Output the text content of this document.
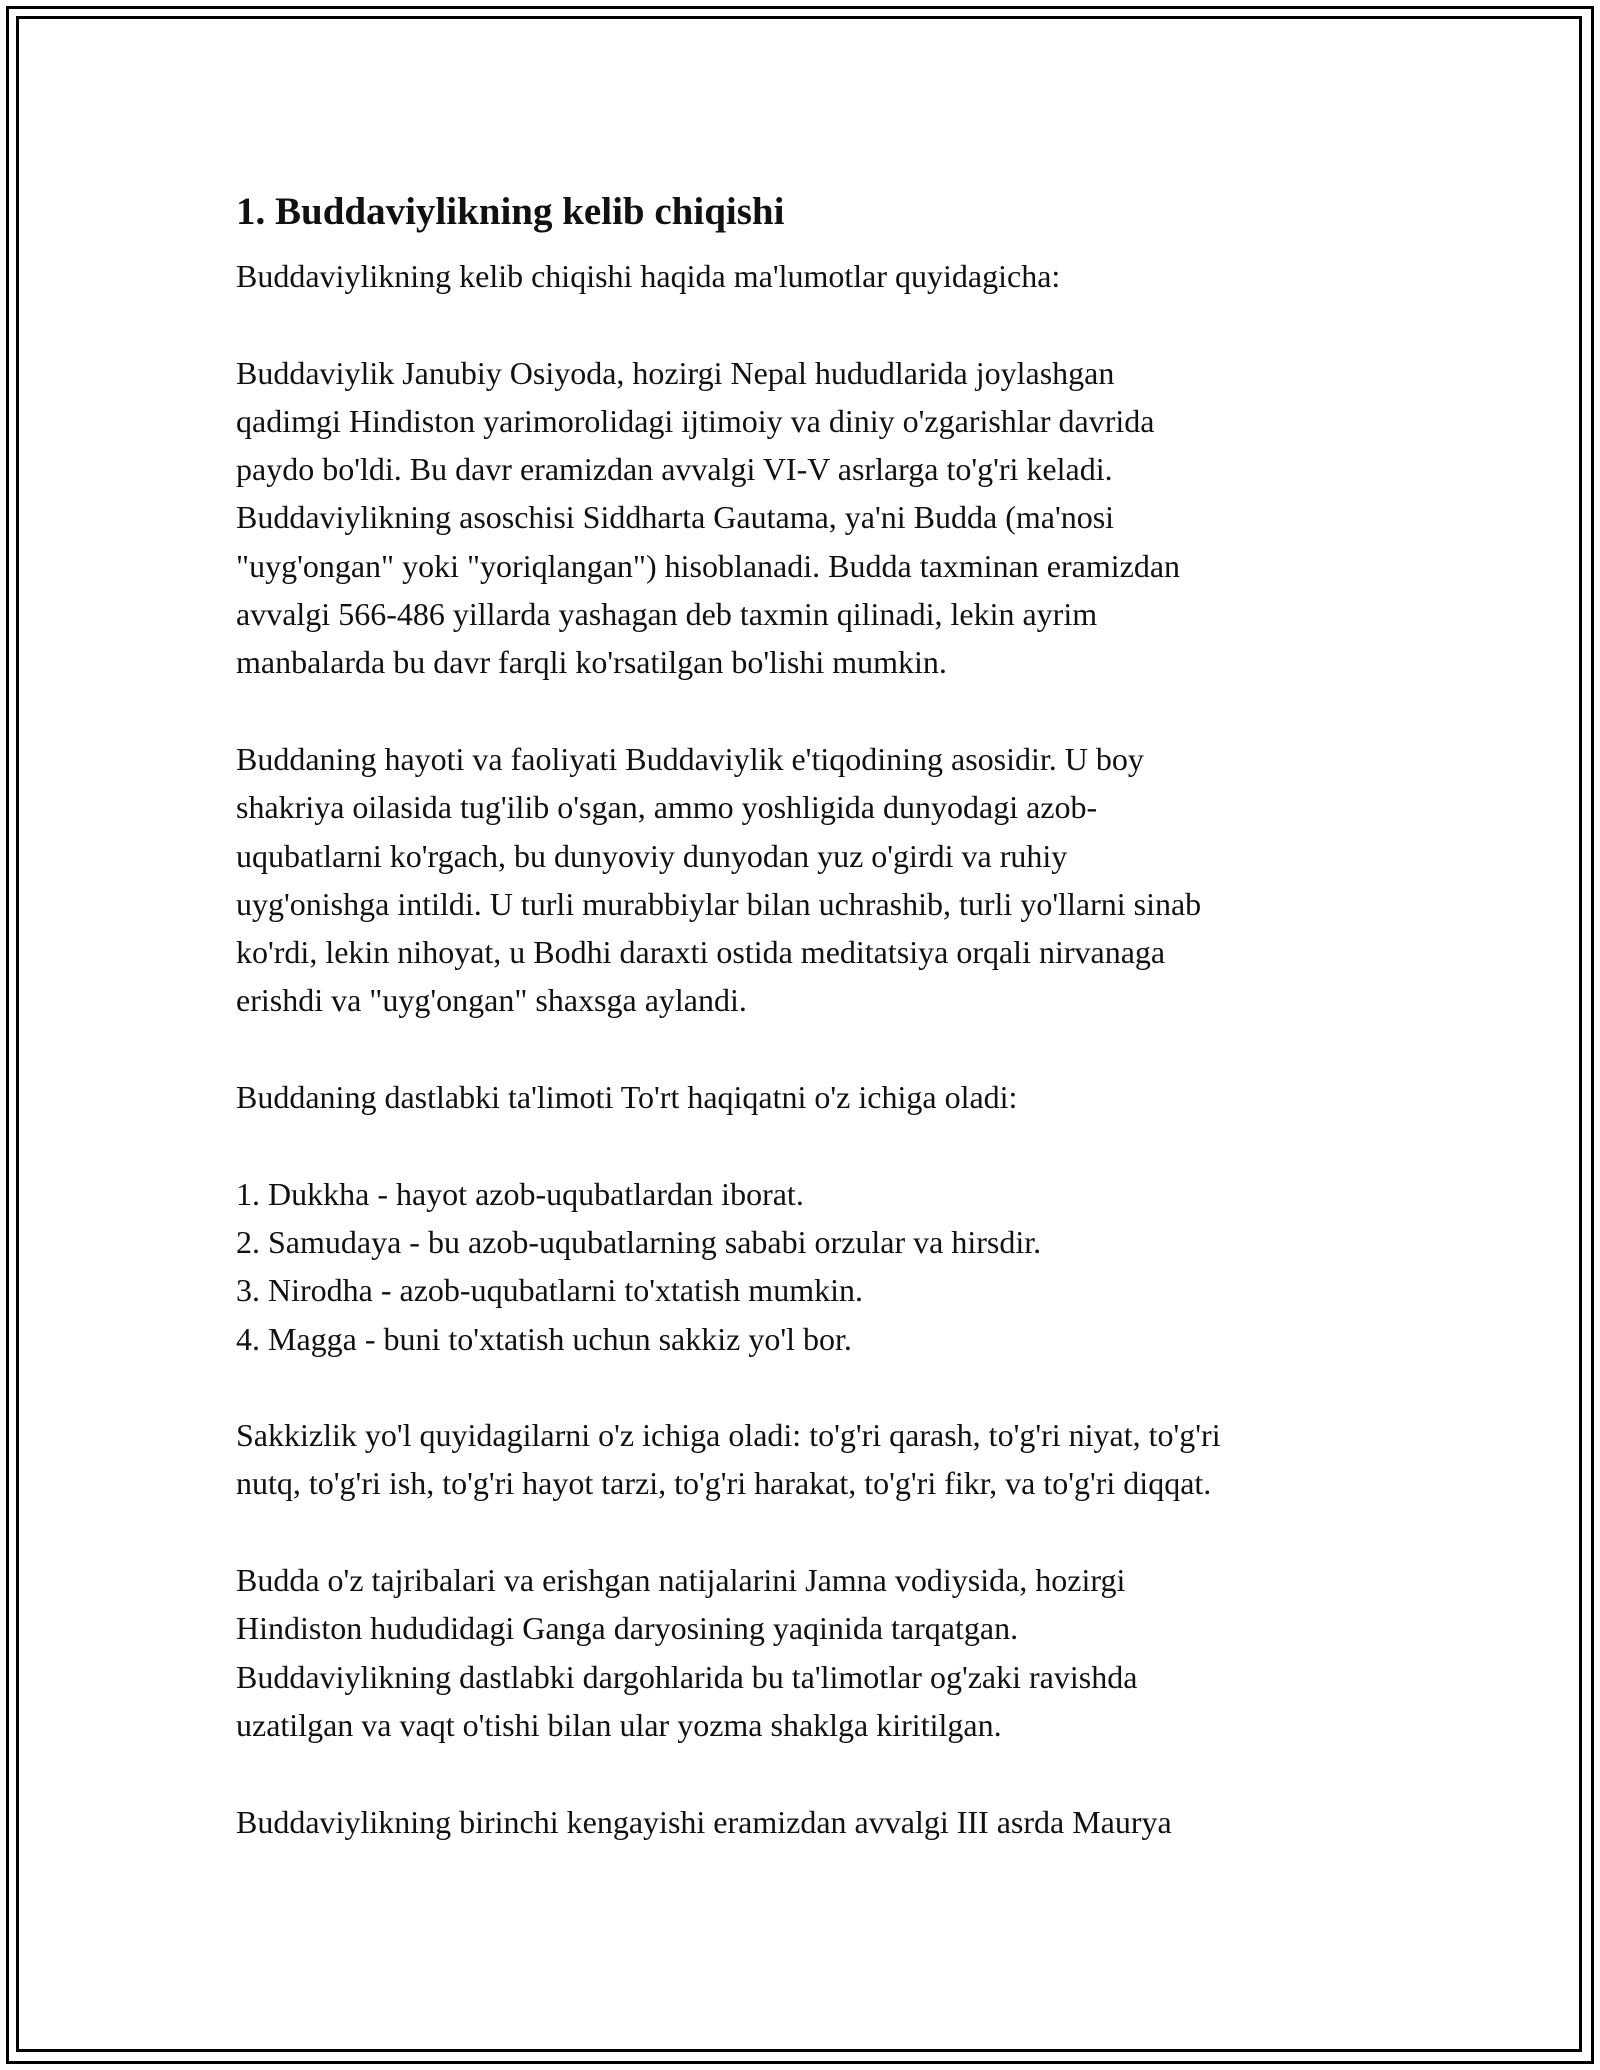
1. Buddaviylikning kelib chiqishi

Buddaviylikning kelib chiqishi haqida ma'lumotlar quyidagicha:

Buddaviylik Janubiy Osiyoda, hozirgi Nepal hududlarida joylashgan
qadimgi Hindiston yarimorolidagi ijtimoiy va diniy o'zgarishlar davrida
paydo bo'ldi. Bu davr eramizdan avvalgi VI-V asrlarga to'g'ri keladi.
Buddaviylikning asoschisi Siddharta Gautama, ya'ni Budda (ma'nosi
"uyg'ongan" yoki "yoriqlangan") hisoblanadi. Budda taxminan eramizdan
avvalgi 566-486 yillarda yashagan deb taxmin qilinadi, lekin ayrim
manbalarda bu davr farqli ko'rsatilgan bo'lishi mumkin.

Buddaning hayoti va faoliyati Buddaviylik e'tiqodining asosidir. U boy
shakriya oilasida tug'ilib o'sgan, ammo yoshligida dunyodagi azob-
uqubatlarni ko'rgach, bu dunyoviy dunyodan yuz o'girdi va ruhiy
uyg'onishga intildi. U turli murabbiylar bilan uchrashib, turli yo'llarni sinab
ko'rdi, lekin nihoyat, u Bodhi daraxti ostida meditatsiya orqali nirvanaga
erishdi va "uyg'ongan" shaxsga aylandi.

Buddaning dastlabki ta'limoti To'rt haqiqatni o'z ichiga oladi:

1. Dukkha - hayot azob-uqubatlardan iborat.
2. Samudaya - bu azob-uqubatlarning sababi orzular va hirsdir.
3. Nirodha - azob-uqubatlarni to'xtatish mumkin.
4. Magga - buni to'xtatish uchun sakkiz yo'l bor.

Sakkizlik yo'l quyidagilarni o'z ichiga oladi: to'g'ri qarash, to'g'ri niyat, to'g'ri
nutq, to'g'ri ish, to'g'ri hayot tarzi, to'g'ri harakat, to'g'ri fikr, va to'g'ri diqqat.

Budda o'z tajribalari va erishgan natijalarini Jamna vodiysida, hozirgi
Hindiston hududidagi Ganga daryosining yaqinida tarqatgan.
Buddaviylikning dastlabki dargohlarida bu ta'limotlar og'zaki ravishda
uzatilgan va vaqt o'tishi bilan ular yozma shaklga kiritilgan.

Buddaviylikning birinchi kengayishi eramizdan avvalgi III asrda Maurya
